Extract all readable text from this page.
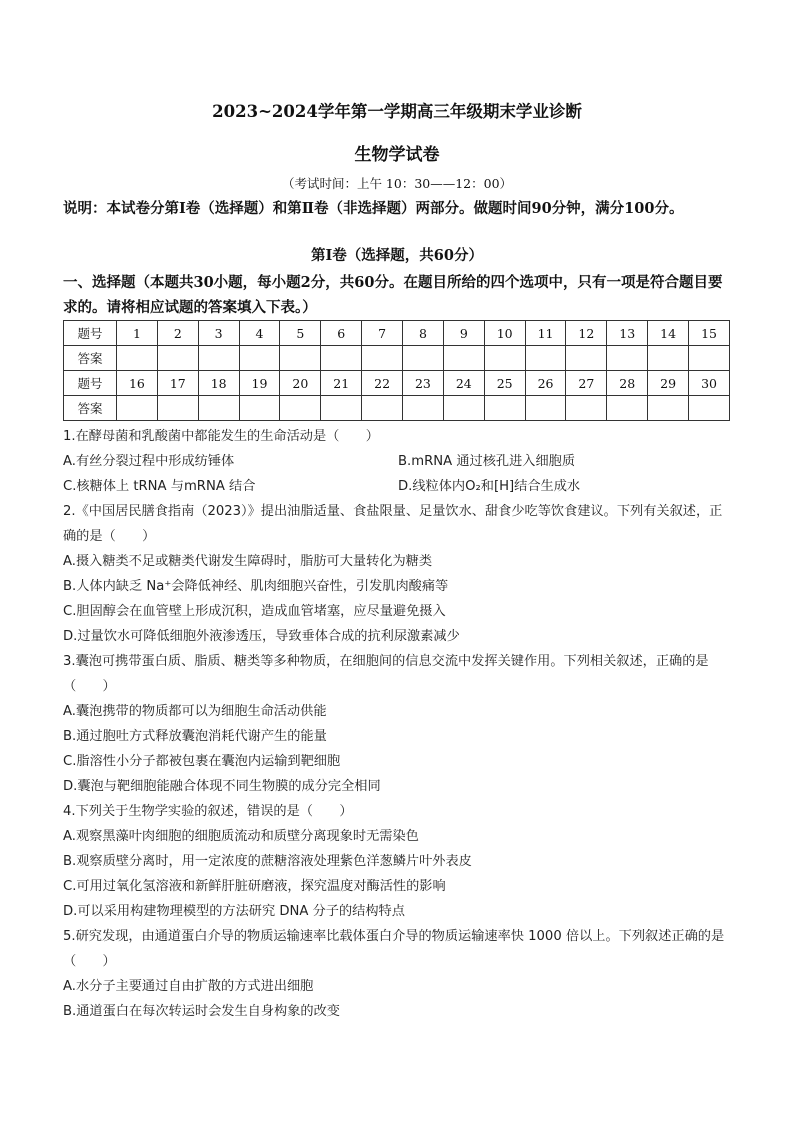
2023~2024学年第一学期高三年级期末学业诊断
生物学试卷
（考试时间：上午 10：30——12：00）
说明：本试卷分第Ⅰ卷（选择题）和第Ⅱ卷（非选择题）两部分。做题时间90分钟，满分100分。
第Ⅰ卷（选择题，共60分）
一、选择题（本题共30小题，每小题2分，共60分。在题目所给的四个选项中，只有一项是符合题目要求的。请将相应试题的答案填入下表。）
题号	1	2	3	4	5	6	7	8	9	10	11	12	13	14	15
答案															
题号	16	17	18	19	20	21	22	23	24	25	26	27	28	29	30
答案															
1.在酵母菌和乳酸菌中都能发生的生命活动是（　　）
A.有丝分裂过程中形成纺锤体	B.mRNA 通过核孔进入细胞质
C.核糖体上 tRNA 与mRNA 结合	D.线粒体内O₂和[H]结合生成水
2.《中国居民膳食指南（2023）》提出油脂适量、食盐限量、足量饮水、甜食少吃等饮食建议。下列有关叙述，正确的是（　　）
A.摄入糖类不足或糖类代谢发生障碍时，脂肪可大量转化为糖类
B.人体内缺乏 Na⁺会降低神经、肌肉细胞兴奋性，引发肌肉酸痛等
C.胆固醇会在血管壁上形成沉积，造成血管堵塞，应尽量避免摄入
D.过量饮水可降低细胞外液渗透压，导致垂体合成的抗利尿激素减少
3.囊泡可携带蛋白质、脂质、糖类等多种物质，在细胞间的信息交流中发挥关键作用。下列相关叙述，正确的是（　　）
A.囊泡携带的物质都可以为细胞生命活动供能
B.通过胞吐方式释放囊泡消耗代谢产生的能量
C.脂溶性小分子都被包裹在囊泡内运输到靶细胞
D.囊泡与靶细胞能融合体现不同生物膜的成分完全相同
4.下列关于生物学实验的叙述，错误的是（　　）
A.观察黑藻叶肉细胞的细胞质流动和质壁分离现象时无需染色
B.观察质壁分离时，用一定浓度的蔗糖溶液处理紫色洋葱鳞片叶外表皮
C.可用过氧化氢溶液和新鲜肝脏研磨液，探究温度对酶活性的影响
D.可以采用构建物理模型的方法研究 DNA 分子的结构特点
5.研究发现，由通道蛋白介导的物质运输速率比载体蛋白介导的物质运输速率快 1000 倍以上。下列叙述正确的是（　　）
A.水分子主要通过自由扩散的方式进出细胞
B.通道蛋白在每次转运时会发生自身构象的改变
